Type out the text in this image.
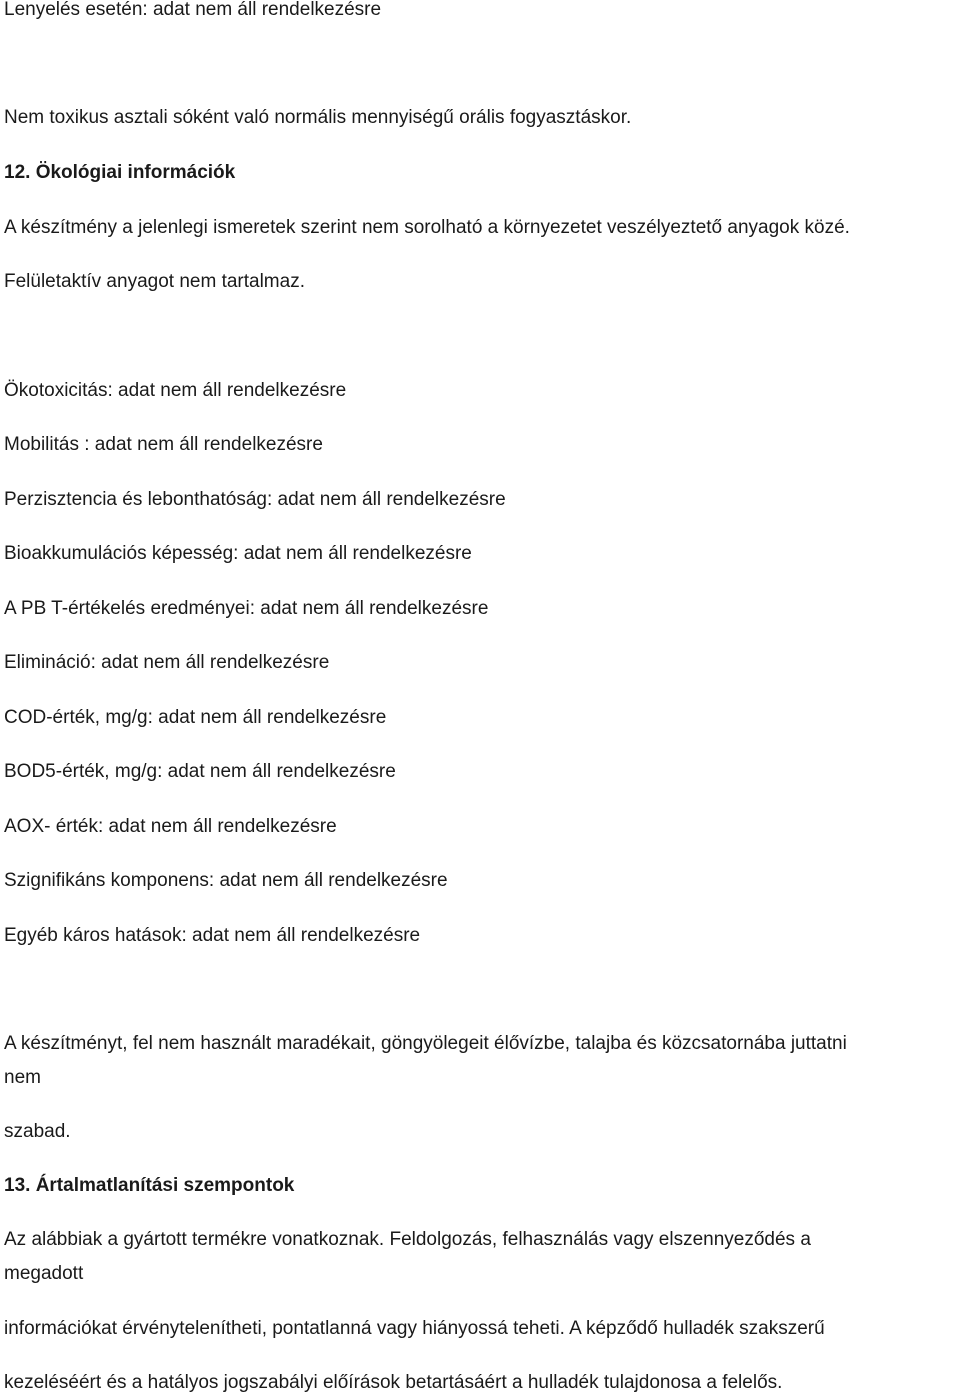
Lenyelés esetén: adat nem áll rendelkezésre
Nem toxikus asztali sóként való normális mennyiségű orális fogyasztáskor.
12. Ökológiai információk
A készítmény a jelenlegi ismeretek szerint nem sorolható a környezetet veszélyeztető anyagok közé.
Felületaktív anyagot nem tartalmaz.
Ökotoxicitás: adat nem áll rendelkezésre
Mobilitás : adat nem áll rendelkezésre
Perzisztencia és lebonthatóság: adat nem áll rendelkezésre
Bioakkumulációs képesség: adat nem áll rendelkezésre
A PB T-értékelés eredményei: adat nem áll rendelkezésre
Elimináció: adat nem áll rendelkezésre
COD-érték, mg/g: adat nem áll rendelkezésre
BOD5-érték, mg/g: adat nem áll rendelkezésre
AOX- érték: adat nem áll rendelkezésre
Szignifikáns komponens: adat nem áll rendelkezésre
Egyéb káros hatások: adat nem áll rendelkezésre
A készítményt, fel nem használt maradékait, göngyölegeit élővízbe, talajba és közcsatornába juttatni
nem
szabad.
13. Ártalmatlanítási szempontok
Az alábbiak a gyártott termékre vonatkoznak. Feldolgozás, felhasználás vagy elszennyeződés a
megadott
információkat érvénytelenítheti, pontatlanná vagy hiányossá teheti. A képződő hulladék szakszerű
kezeléséért és a hatályos jogszabályi előírások betartásáért a hulladék tulajdonosa a felelős.
